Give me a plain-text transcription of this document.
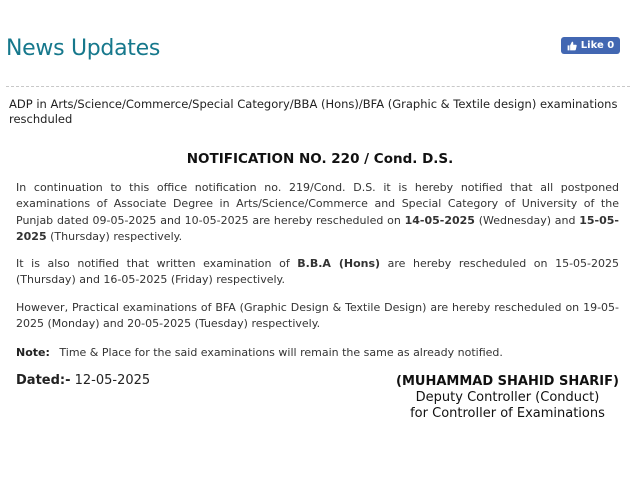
News Updates	Like 0
ADP in Arts/Science/Commerce/Special Category/BBA (Hons)/BFA (Graphic & Textile design) examinations reschduled
NOTIFICATION NO. 220 / Cond. D.S.
In continuation to this office notification no. 219/Cond. D.S. it is hereby notified that all postponed examinations of Associate Degree in Arts/Science/Commerce and Special Category of University of the Punjab dated 09-05-2025 and 10-05-2025 are hereby rescheduled on 14-05-2025 (Wednesday) and 15-05-2025 (Thursday) respectively.
It is also notified that written examination of B.B.A (Hons) are hereby rescheduled on 15-05-2025 (Thursday) and 16-05-2025 (Friday) respectively.
However, Practical examinations of BFA (Graphic Design & Textile Design) are hereby rescheduled on 19-05-2025 (Monday) and 20-05-2025 (Tuesday) respectively.
Note: Time & Place for the said examinations will remain the same as already notified.
Dated:- 12-05-2025	(MUHAMMAD SHAHID SHARIF)
Deputy Controller (Conduct)
for Controller of Examinations
